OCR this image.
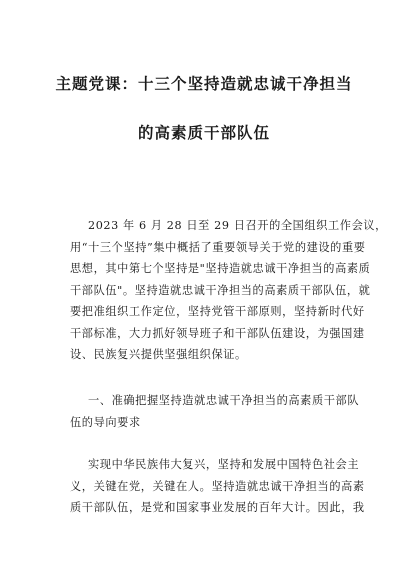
主题党课：十三个坚持造就忠诚干净担当
的高素质干部队伍
2023 年 6 月 28 日至 29 日召开的全国组织工作会议，
用“十三个坚持”集中概括了重要领导关于党的建设的重要
思想，其中第七个坚持是"坚持造就忠诚干净担当的高素质
干部队伍"。坚持造就忠诚干净担当的高素质干部队伍，就
要把准组织工作定位，坚持党管干部原则，坚持新时代好
干部标准，大力抓好领导班子和干部队伍建设，为强国建
设、民族复兴提供坚强组织保证。
一、准确把握坚持造就忠诚干净担当的高素质干部队
伍的导向要求
实现中华民族伟大复兴，坚持和发展中国特色社会主
义，关键在党，关键在人。坚持造就忠诚干净担当的高素
质干部队伍，是党和国家事业发展的百年大计。因此，我
